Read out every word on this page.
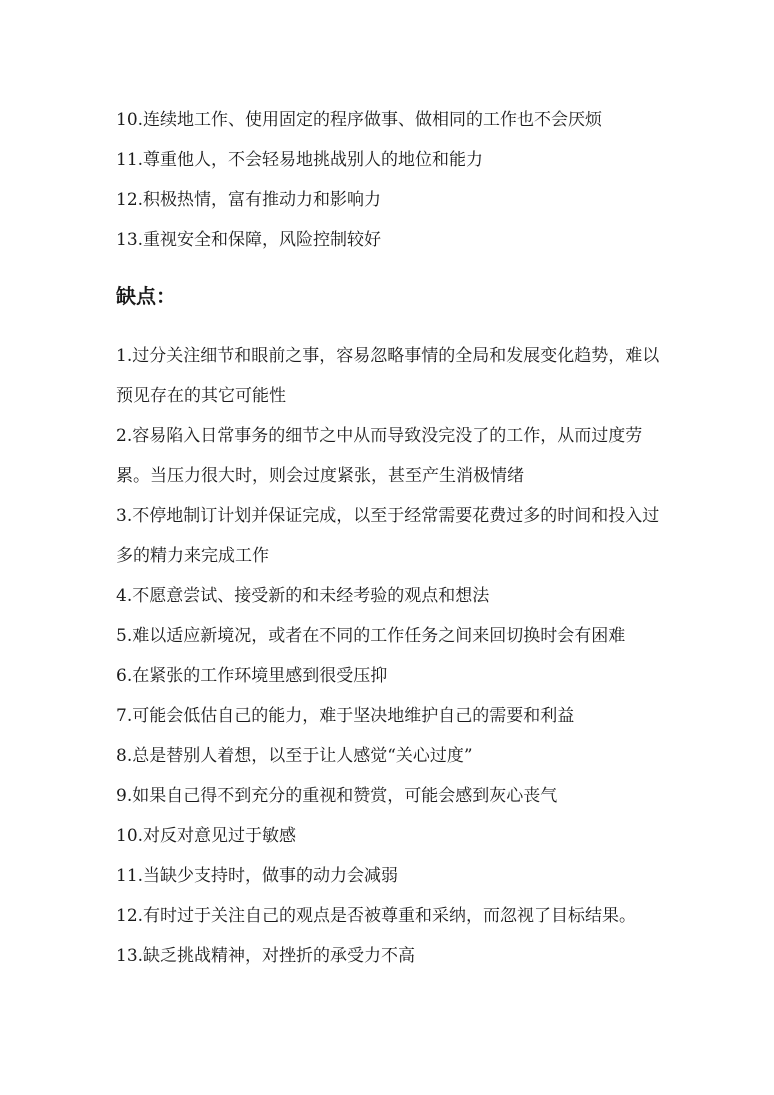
10.连续地工作、使用固定的程序做事、做相同的工作也不会厌烦
11.尊重他人，不会轻易地挑战别人的地位和能力
12.积极热情，富有推动力和影响力
13.重视安全和保障，风险控制较好
缺点：
1.过分关注细节和眼前之事，容易忽略事情的全局和发展变化趋势，难以预见存在的其它可能性
2.容易陷入日常事务的细节之中从而导致没完没了的工作，从而过度劳累。当压力很大时，则会过度紧张，甚至产生消极情绪
3.不停地制订计划并保证完成，以至于经常需要花费过多的时间和投入过多的精力来完成工作
4.不愿意尝试、接受新的和未经考验的观点和想法
5.难以适应新境况，或者在不同的工作任务之间来回切换时会有困难
6.在紧张的工作环境里感到很受压抑
7.可能会低估自己的能力，难于坚决地维护自己的需要和利益
8.总是替别人着想，以至于让人感觉“关心过度”
9.如果自己得不到充分的重视和赞赏，可能会感到灰心丧气
10.对反对意见过于敏感
11.当缺少支持时，做事的动力会减弱
12.有时过于关注自己的观点是否被尊重和采纳，而忽视了目标结果。
13.缺乏挑战精神，对挫折的承受力不高
